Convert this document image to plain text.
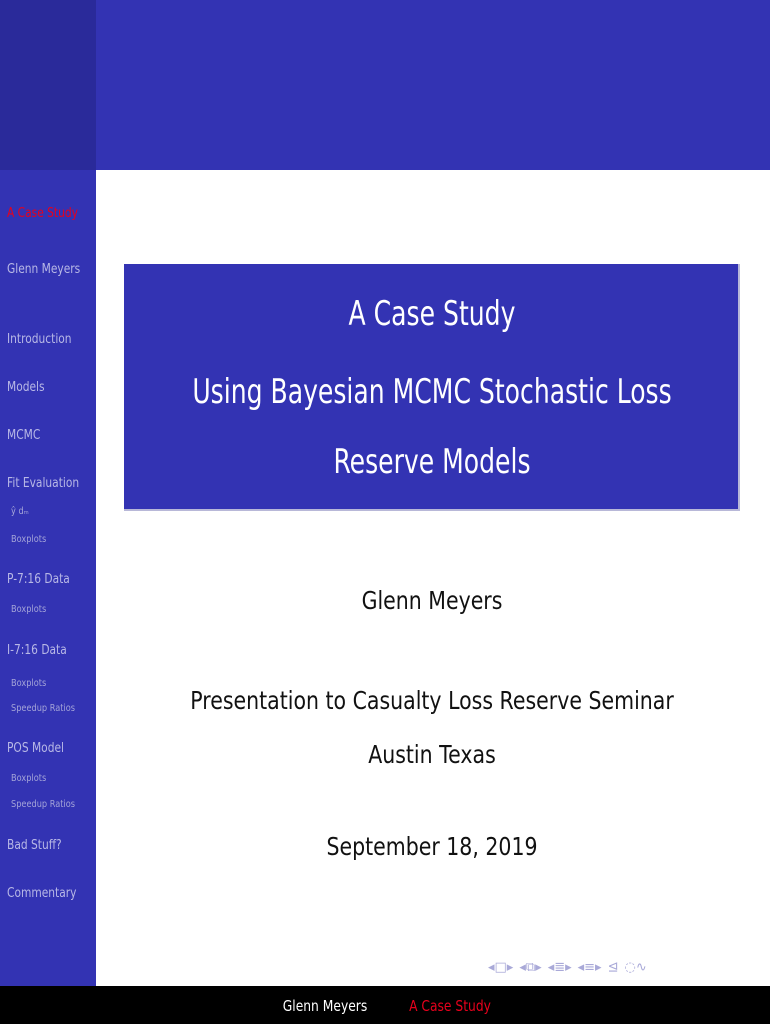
A Case Study
Glenn Meyers
Introduction
Models
MCMC
Fit Evaluation
ŷ dₘ
Boxplots
P-7:16 Data
Boxplots
I-7:16 Data
Boxplots
Speedup Ratios
POS Model
Boxplots
Speedup Ratios
Bad Stuff?
Commentary
A Case Study
Using Bayesian MCMC Stochastic Loss
Reserve Models
Glenn Meyers
Presentation to Casualty Loss Reserve Seminar
Austin Texas
September 18, 2019
◂□▸ ◂⧉▸ ◂≣▸ ◂≡▸ ⊴ ◌∿
Glenn Meyers	A Case Study
